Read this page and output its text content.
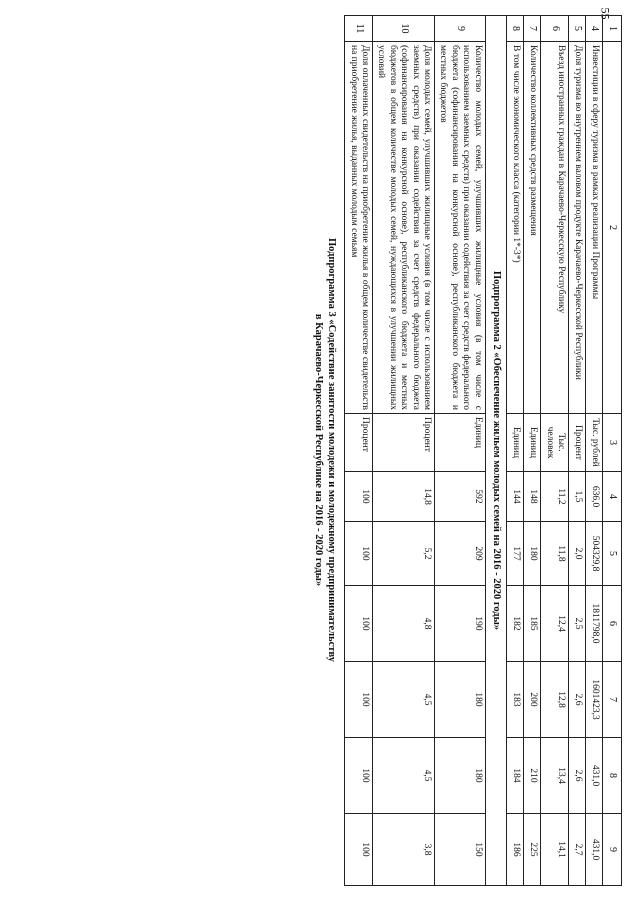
55
1	2	3	4	5	6	7	8	9
4	Инвестиции в сферу туризма в рамках реализации Программы	Тыс. рублей	636,0	504329,8	1811798,0	1601423,3	431,0	431,0
5	Доля туризма во внутреннем валовом продукте Карачаево-Черкесской Республики	Процент	1,5	2,0	2,5	2,6	2,6	2,7
6	Въезд иностранных граждан в Карачаево-Черкесскую Республику	Тыс. человек	11,2	11,8	12,4	12,8	13,4	14,1
7	Количество коллективных средств размещения	Единиц	148	180	185	200	210	225
8	В том числе экономического класса (категории 1*-3*)	Единиц	144	177	182	183	184	186
Подпрограмма 2 «Обеспечение жильем молодых семей на 2016 - 2020 годы»								
9	Количество молодых семей, улучшивших жилищные условия (в том числе с использованием заемных средств) при оказании содействия за счет средств федерального бюджета (софинансирования на конкурсной основе), республиканского бюджета и местных бюджетов	Единиц	592	209	190	180	180	150
10	Доля молодых семей, улучшивших жилищные условия (в том числе с использованием заемных средств) при оказании содействия за счет средств федерального бюджета (софинансирования на конкурсной основе), республиканского бюджета и местных бюджетов в общем количестве молодых семей, нуждающихся в улучшении жилищных условий	Процент	14,8	5,2	4,8	4,5	4,5	3,8
11	Доля оплаченных свидетельств на приобретение жилья в общем количестве свидетельств на приобретение жилья, выданных молодым семьям	Процент	100	100	100	100	100	100
Подпрограмма 3 «Содействие занятости молодежи и молодежному предпринимательству
в Карачаево-Черкесской Республике на 2016 - 2020 годы»
